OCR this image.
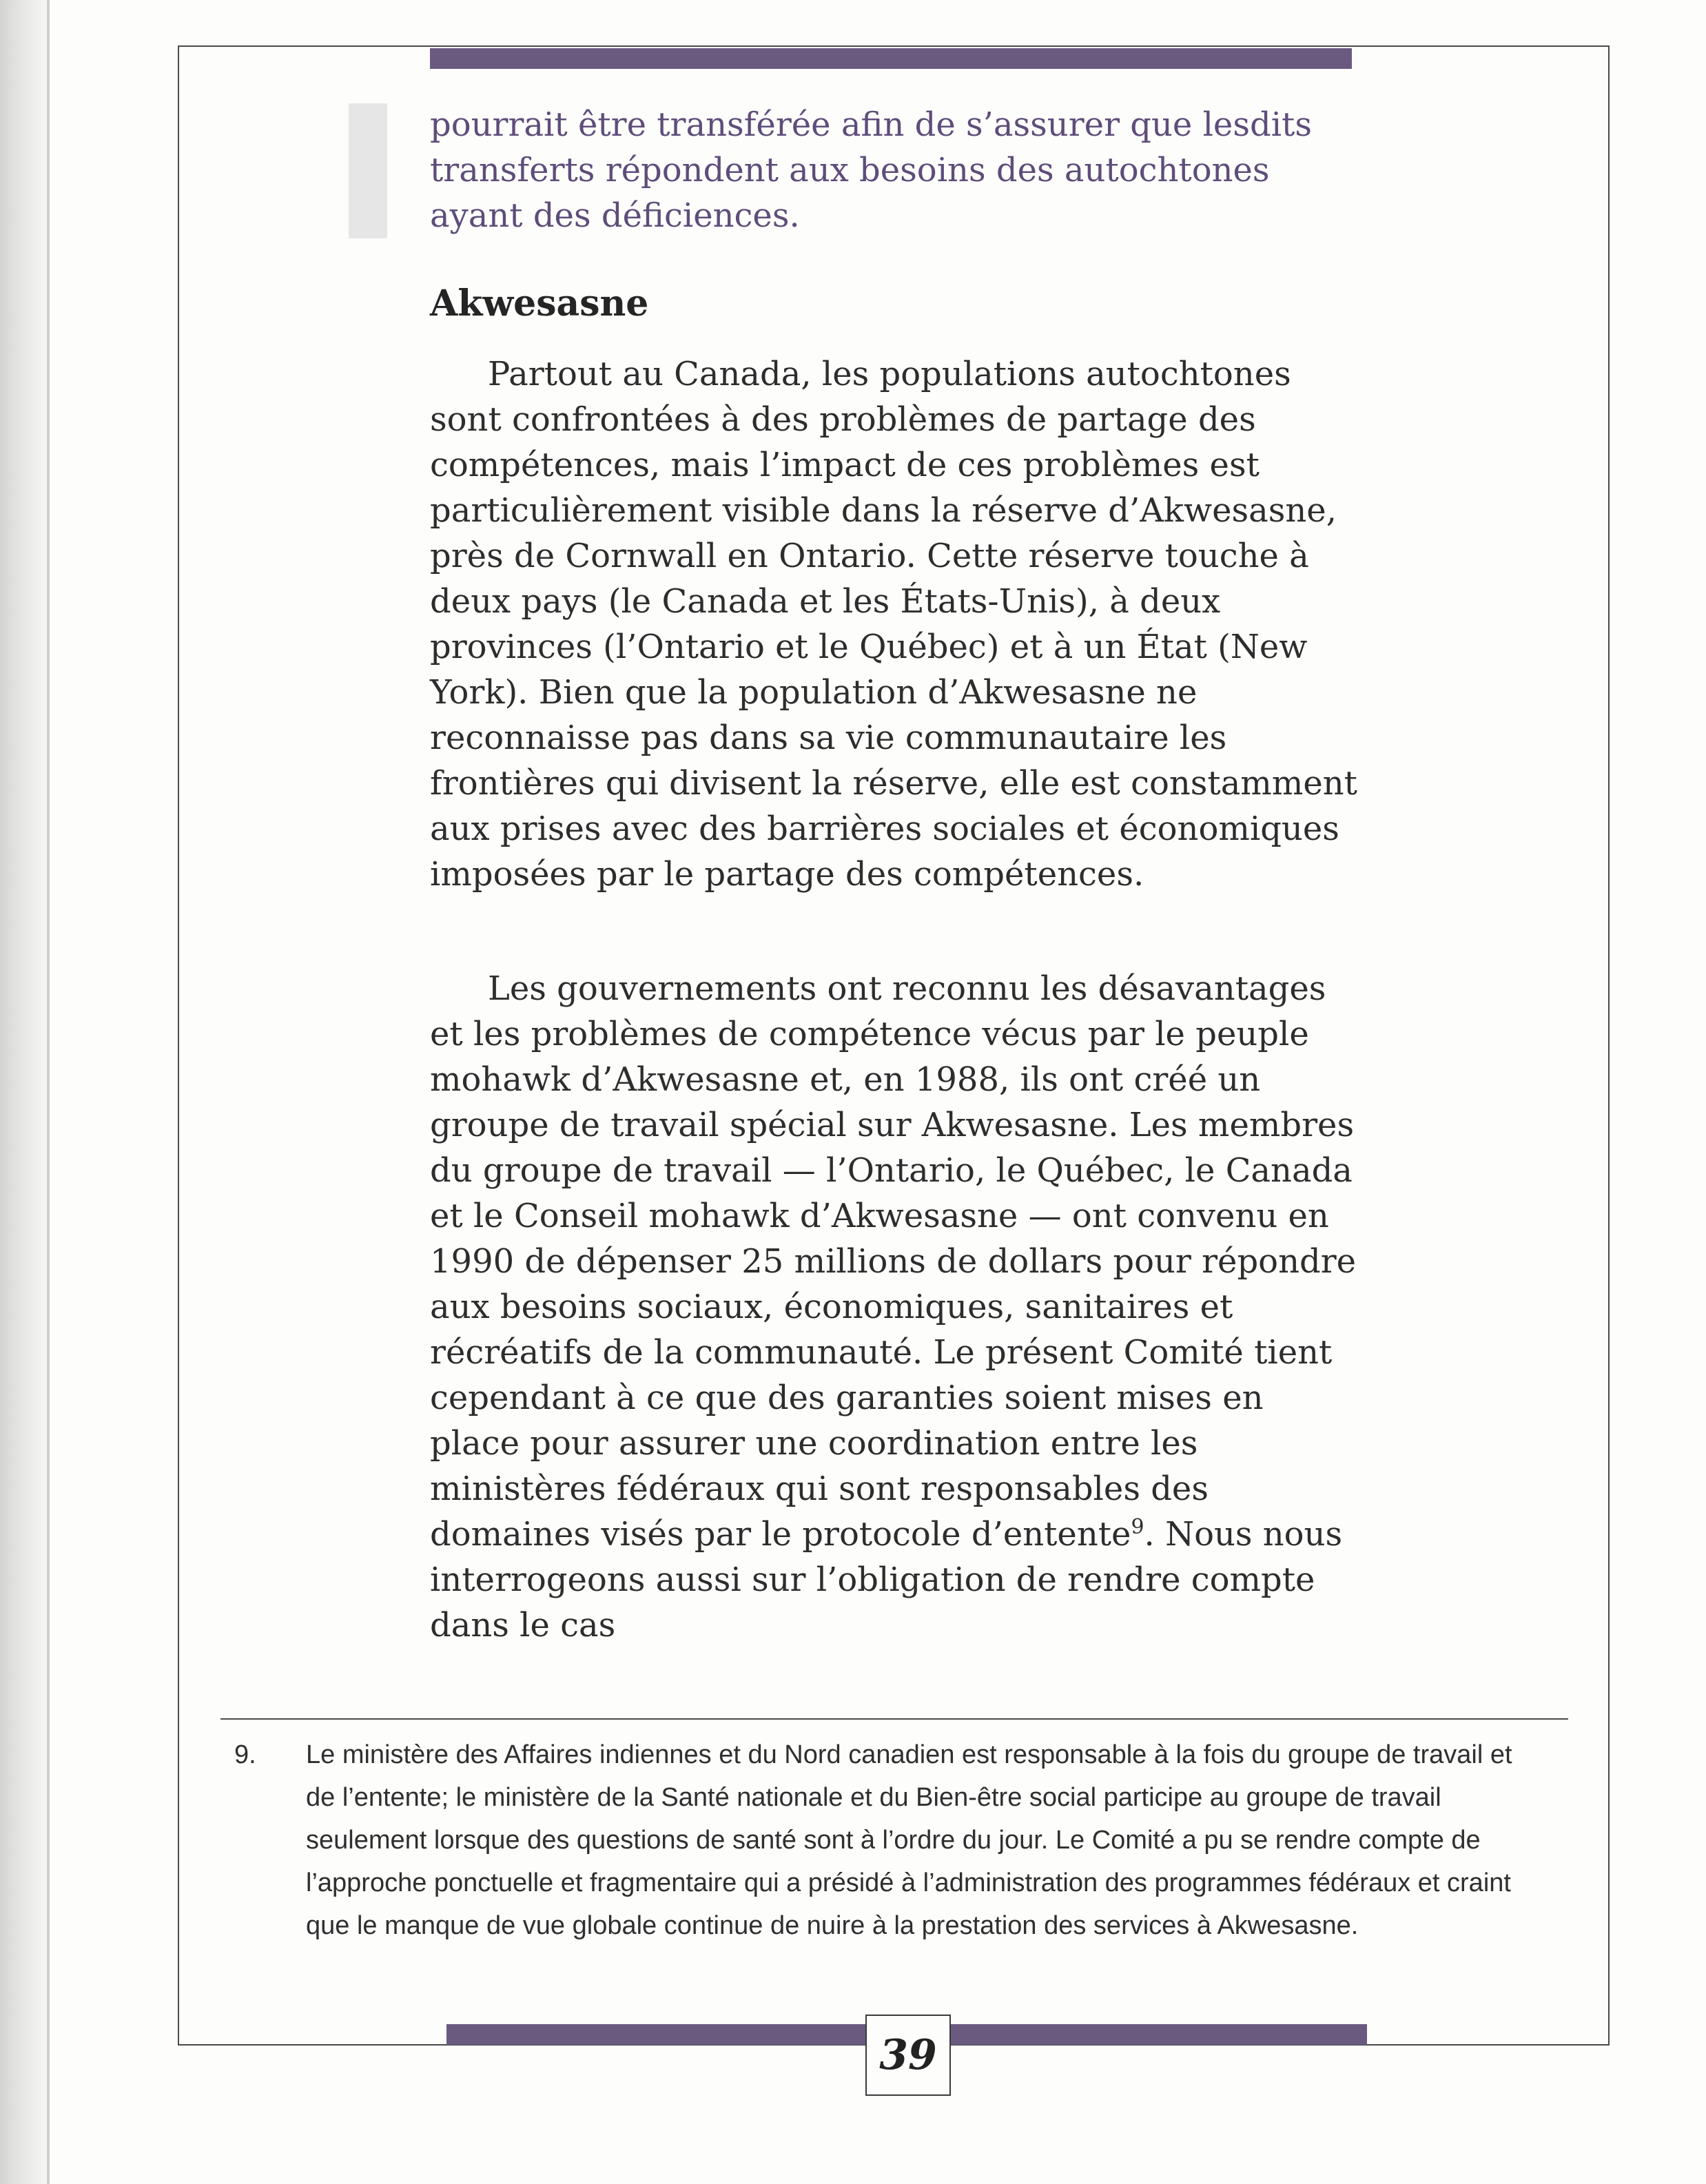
pourrait être transférée afin de s’assurer que lesdits transferts répondent aux besoins des autochtones ayant des déficiences.

Akwesasne

Partout au Canada, les populations autochtones sont confrontées à des problèmes de partage des compétences, mais l’impact de ces problèmes est particulièrement visible dans la réserve d’Akwesasne, près de Cornwall en Ontario. Cette réserve touche à deux pays (le Canada et les États-Unis), à deux provinces (l’Ontario et le Québec) et à un État (New York). Bien que la population d’Akwesasne ne reconnaisse pas dans sa vie communautaire les frontières qui divisent la réserve, elle est constamment aux prises avec des barrières sociales et économiques imposées par le partage des compétences.

Les gouvernements ont reconnu les désavantages et les problèmes de compétence vécus par le peuple mohawk d’Akwesasne et, en 1988, ils ont créé un groupe de travail spécial sur Akwesasne. Les membres du groupe de travail — l’Ontario, le Québec, le Canada et le Conseil mohawk d’Akwesasne — ont convenu en 1990 de dépenser 25 millions de dollars pour répondre aux besoins sociaux, économiques, sanitaires et récréatifs de la communauté. Le présent Comité tient cependant à ce que des garanties soient mises en place pour assurer une coordination entre les ministères fédéraux qui sont responsables des domaines visés par le protocole d’entente$^9$. Nous nous interrogeons aussi sur l’obligation de rendre compte dans le cas

9.	Le ministère des Affaires indiennes et du Nord canadien est responsable à la fois du groupe de travail et de l’entente; le ministère de la Santé nationale et du Bien-être social participe au groupe de travail seulement lorsque des questions de santé sont à l’ordre du jour. Le Comité a pu se rendre compte de l’approche ponctuelle et fragmentaire qui a présidé à l’administration des programmes fédéraux et craint que le manque de vue globale continue de nuire à la prestation des services à Akwesasne.
39
